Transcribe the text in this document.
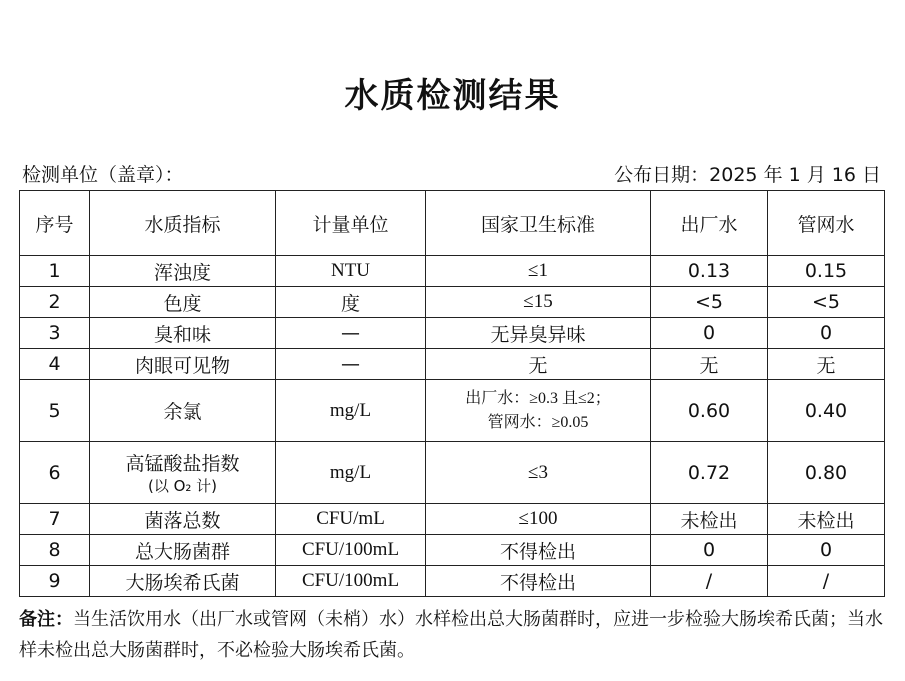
水质检测结果
检测单位（盖章）：	公布日期：2025 年 1 月 16 日
序号	水质指标	计量单位	国家卫生标准	出厂水	管网水
1	浑浊度	NTU	≤1	0.13	0.15
2	色度	度	≤15	<5	<5
3	臭和味	—	无异臭异味	0	0
4	肉眼可见物	—	无	无	无
5	余氯	mg/L	出厂水：≥0.3 且≤2；
管网水：≥0.05	0.60	0.40
6	高锰酸盐指数
(以 O₂ 计)	mg/L	≤3	0.72	0.80
7	菌落总数	CFU/mL	≤100	未检出	未检出
8	总大肠菌群	CFU/100mL	不得检出	0	0
9	大肠埃希氏菌	CFU/100mL	不得检出	/	/
备注：当生活饮用水（出厂水或管网（未梢）水）水样检出总大肠菌群时，应进一步检验大肠埃希氏菌；当水样未检出总大肠菌群时，不必检验大肠埃希氏菌。
